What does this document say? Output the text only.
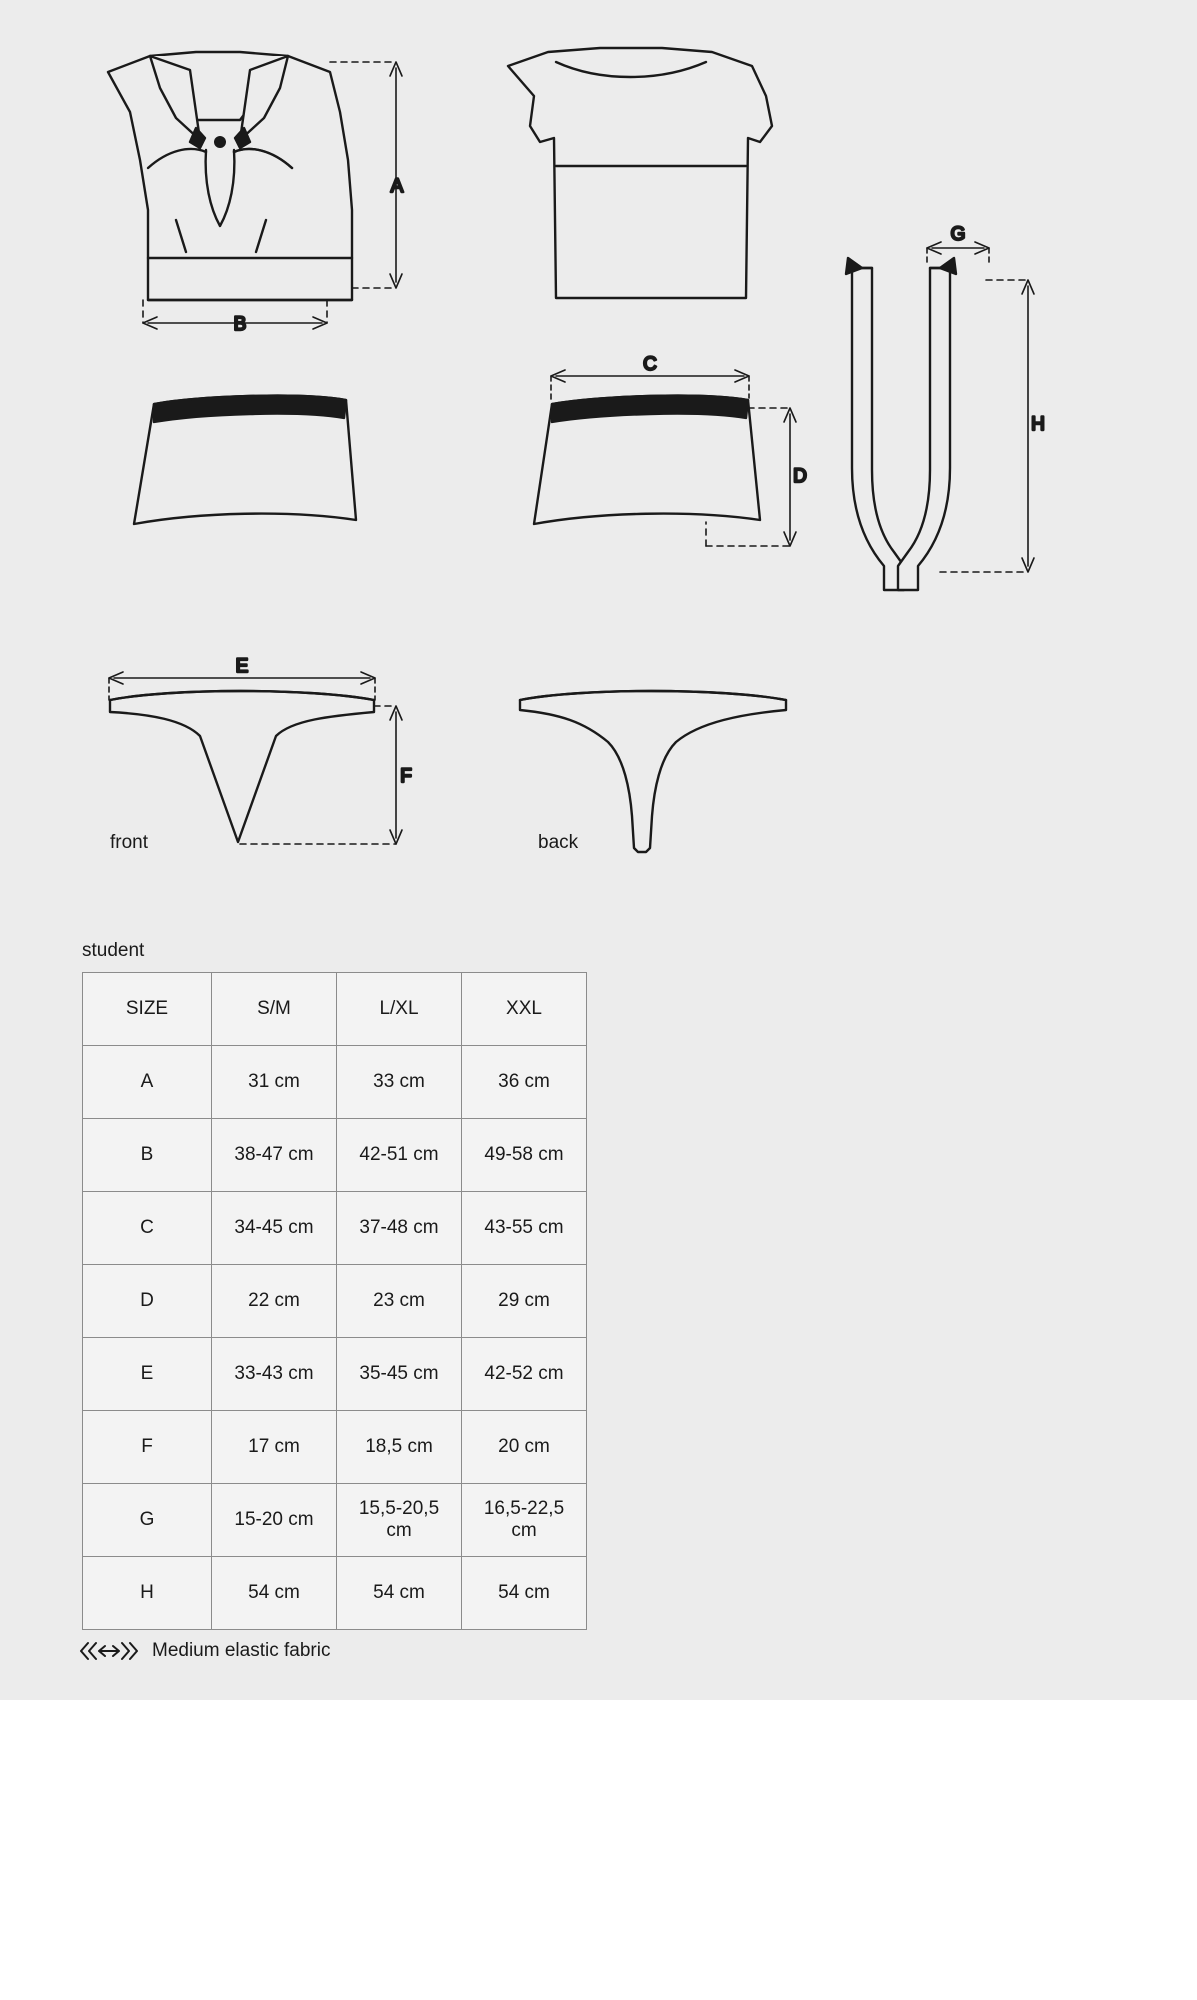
A
B
G
H
C
D
E
F
front	back
student
SIZE	S/M	L/XL	XXL
A	31 cm	33 cm	36 cm
B	38-47 cm	42-51 cm	49-58 cm
C	34-45 cm	37-48 cm	43-55 cm
D	22 cm	23 cm	29 cm
E	33-43 cm	35-45 cm	42-52 cm
F	17 cm	18,5 cm	20 cm
G	15-20 cm	15,5-20,5 cm	16,5-22,5 cm
H	54 cm	54 cm	54 cm
Medium elastic fabric
